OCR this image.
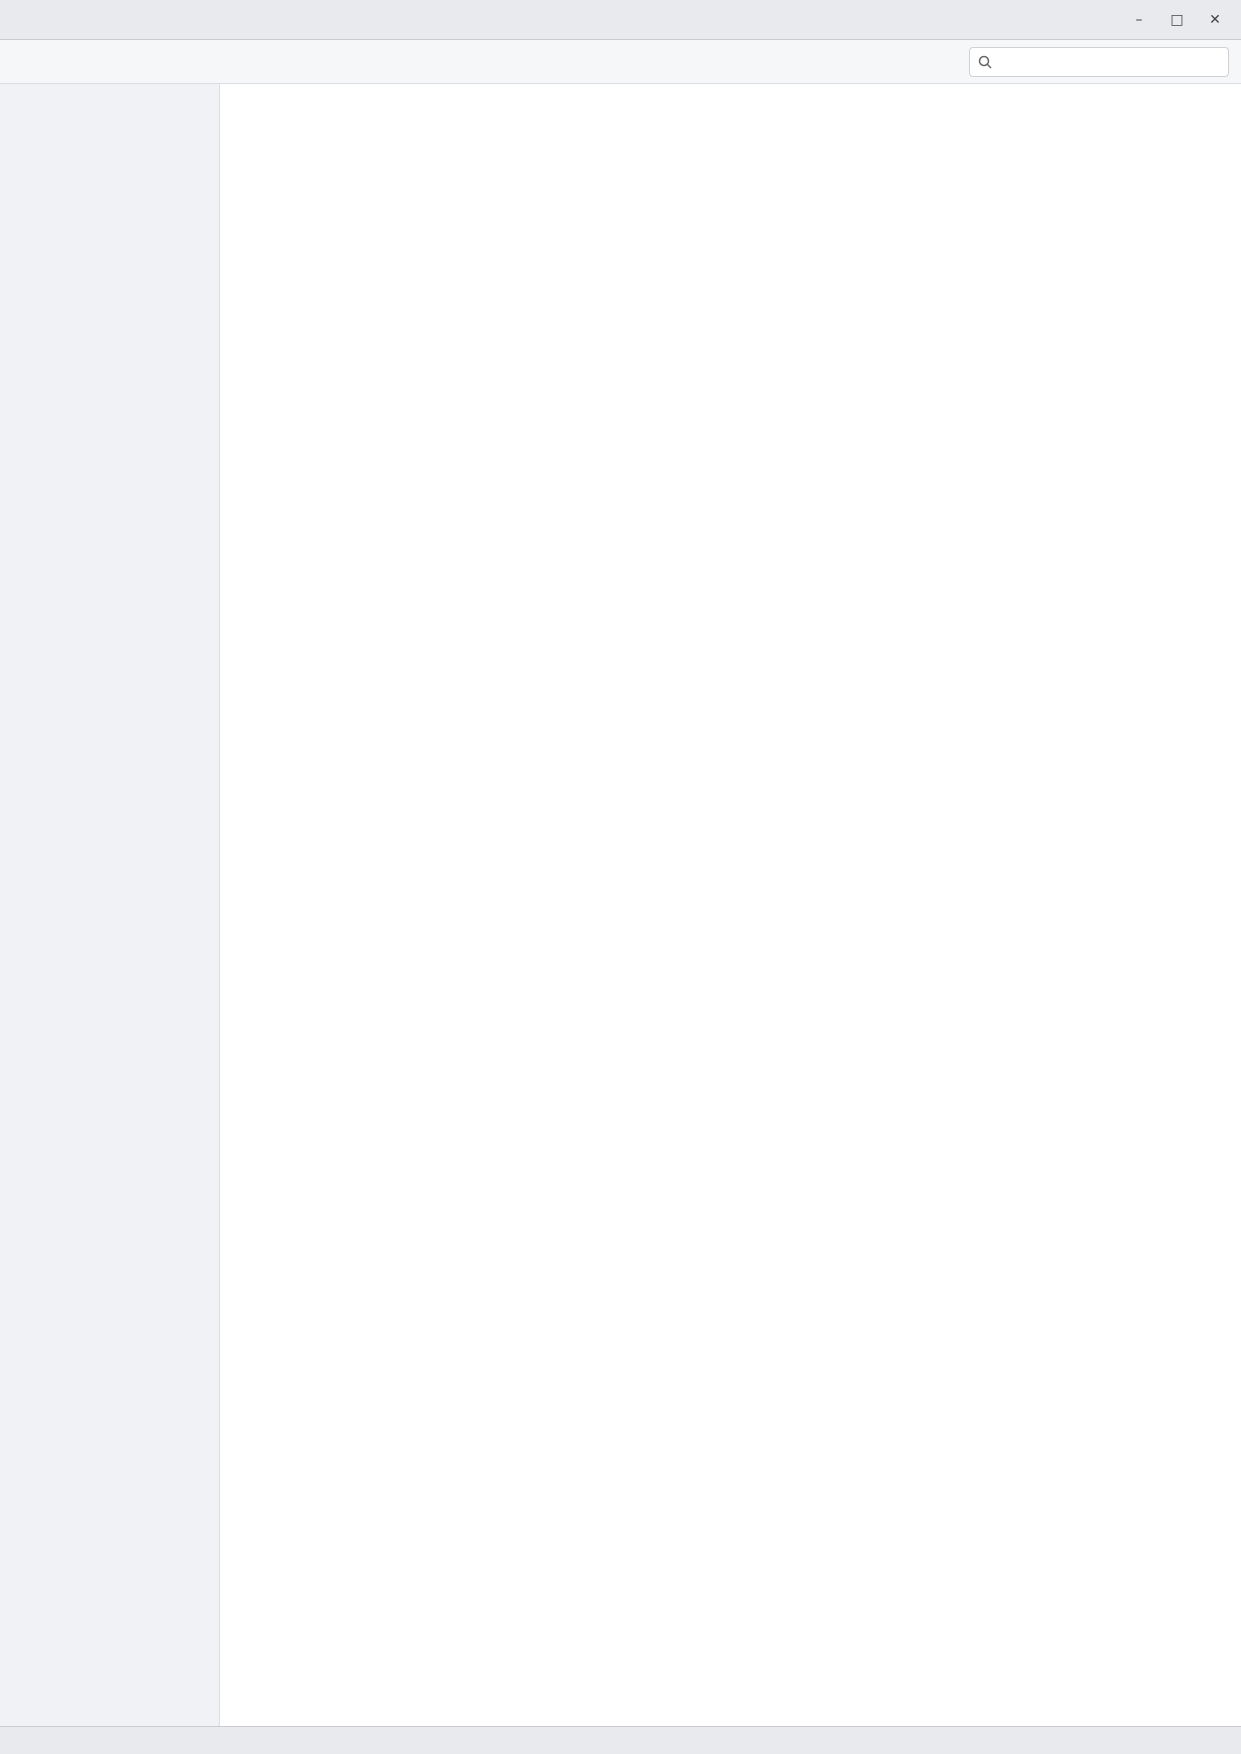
–	□	✕
